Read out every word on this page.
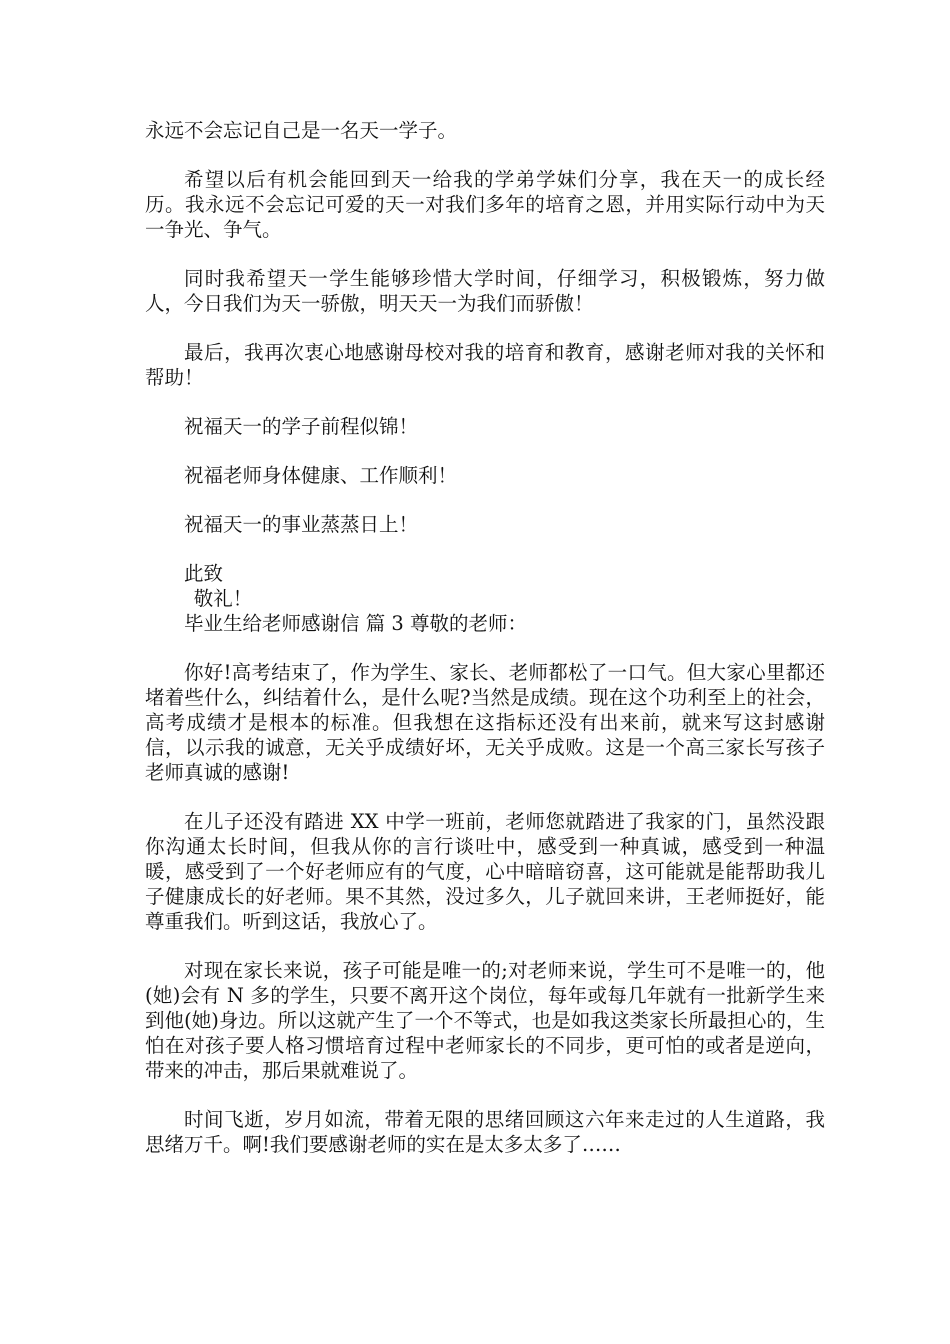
永远不会忘记自己是一名天一学子。

希望以后有机会能回到天一给我的学弟学妹们分享，我在天一的成长经历。我永远不会忘记可爱的天一对我们多年的培育之恩，并用实际行动中为天一争光、争气。

同时我希望天一学生能够珍惜大学时间，仔细学习，积极锻炼，努力做人，今日我们为天一骄傲，明天天一为我们而骄傲！

最后，我再次衷心地感谢母校对我的培育和教育，感谢老师对我的关怀和帮助！

祝福天一的学子前程似锦！

祝福老师身体健康、工作顺利！

祝福天一的事业蒸蒸日上！

此致

敬礼！

毕业生给老师感谢信 篇 3 尊敬的老师：

你好!高考结束了，作为学生、家长、老师都松了一口气。但大家心里都还堵着些什么，纠结着什么，是什么呢?当然是成绩。现在这个功利至上的社会，高考成绩才是根本的标准。但我想在这指标还没有出来前，就来写这封感谢信，以示我的诚意，无关乎成绩好坏，无关乎成败。这是一个高三家长写孩子老师真诚的感谢!

在儿子还没有踏进 XX 中学一班前，老师您就踏进了我家的门，虽然没跟你沟通太长时间，但我从你的言行谈吐中，感受到一种真诚，感受到一种温暖，感受到了一个好老师应有的气度，心中暗暗窃喜，这可能就是能帮助我儿子健康成长的好老师。果不其然，没过多久，儿子就回来讲，王老师挺好，能尊重我们。听到这话，我放心了。

对现在家长来说，孩子可能是唯一的;对老师来说，学生可不是唯一的，他(她)会有 N 多的学生，只要不离开这个岗位，每年或每几年就有一批新学生来到他(她)身边。所以这就产生了一个不等式，也是如我这类家长所最担心的，生怕在对孩子要人格习惯培育过程中老师家长的不同步，更可怕的或者是逆向，带来的冲击，那后果就难说了。

时间飞逝，岁月如流，带着无限的思绪回顾这六年来走过的人生道路，我思绪万千。啊!我们要感谢老师的实在是太多太多了……
